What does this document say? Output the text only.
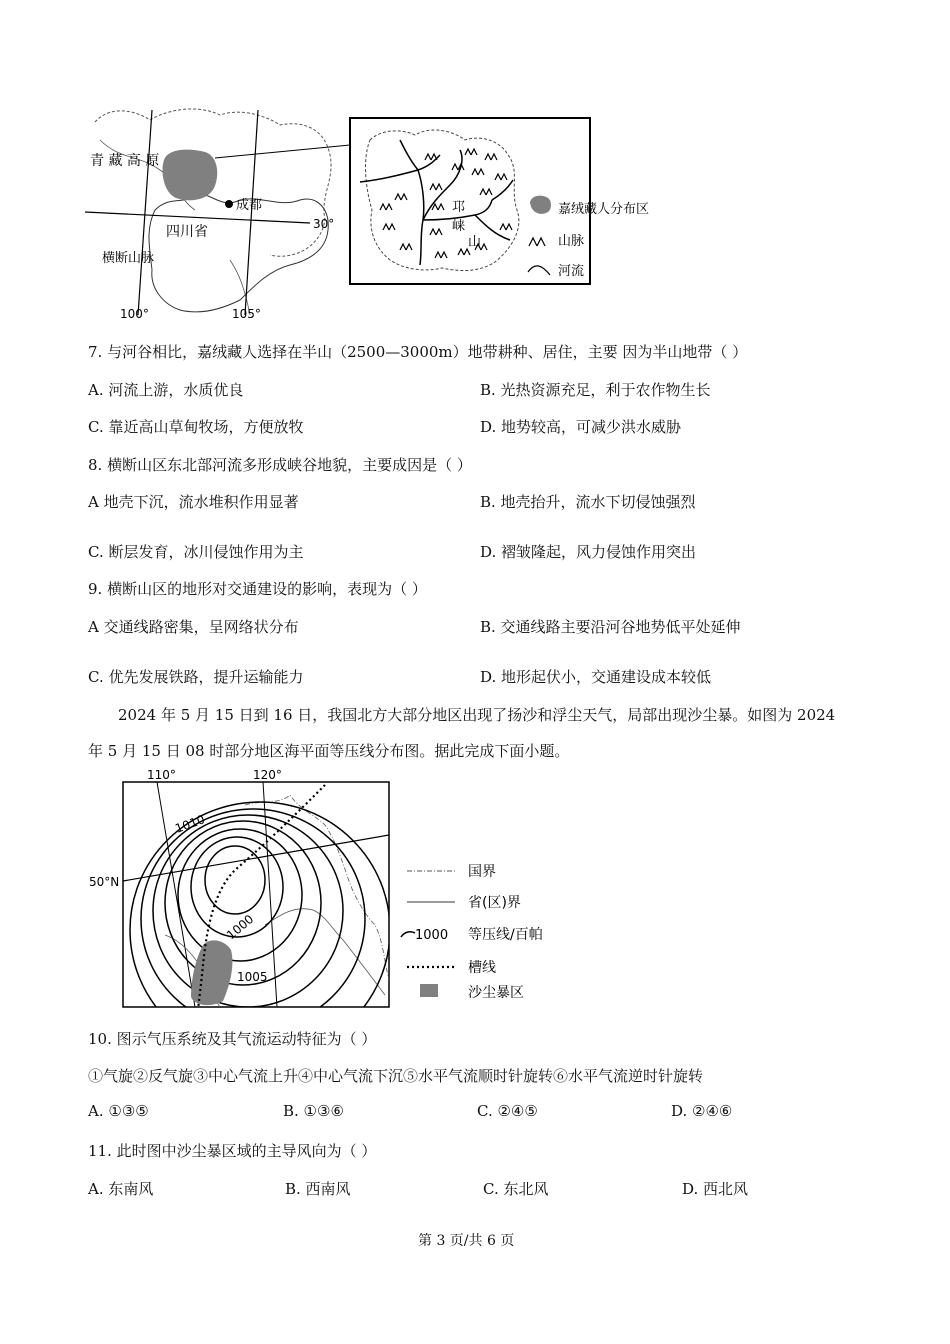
成都
青 藏 高 原
四川省
横断山脉
30°
100°	105°
邛
崃
山
嘉绒藏人分布区
山脉
河流
7. 与河谷相比，嘉绒藏人选择在半山（2500—3000m）地带耕种、居住，主要 因为半山地带（ ）
A. 河流上游，水质优良	B. 光热资源充足，利于农作物生长
C. 靠近高山草甸牧场，方便放牧	D. 地势较高，可减少洪水威胁
8. 横断山区东北部河流多形成峡谷地貌，主要成因是（ ）
A 地壳下沉，流水堆积作用显著	B. 地壳抬升，流水下切侵蚀强烈
C. 断层发育，冰川侵蚀作用为主	D. 褶皱隆起，风力侵蚀作用突出
9. 横断山区的地形对交通建设的影响，表现为（ ）
A 交通线路密集，呈网络状分布	B. 交通线路主要沿河谷地势低平处延伸
C. 优先发展铁路，提升运输能力	D. 地形起伏小，交通建设成本较低
2024 年 5 月 15 日到 16 日，我国北方大部分地区出现了扬沙和浮尘天气，局部出现沙尘暴。如图为 2024
年 5 月 15 日 08 时部分地区海平面等压线分布图。据此完成下面小题。
110°	120°
50°N
1010
1000
1005
国界
省(区)界
1000 等压线/百帕
槽线
沙尘暴区
10. 图示气压系统及其气流运动特征为（ ）
①气旋②反气旋③中心气流上升④中心气流下沉⑤水平气流顺时针旋转⑥水平气流逆时针旋转
A. ①③⑤	B. ①③⑥	C. ②④⑤	D. ②④⑥
11. 此时图中沙尘暴区域的主导风向为（ ）
A. 东南风	B. 西南风	C. 东北风	D. 西北风
第 3 页/共 6 页
